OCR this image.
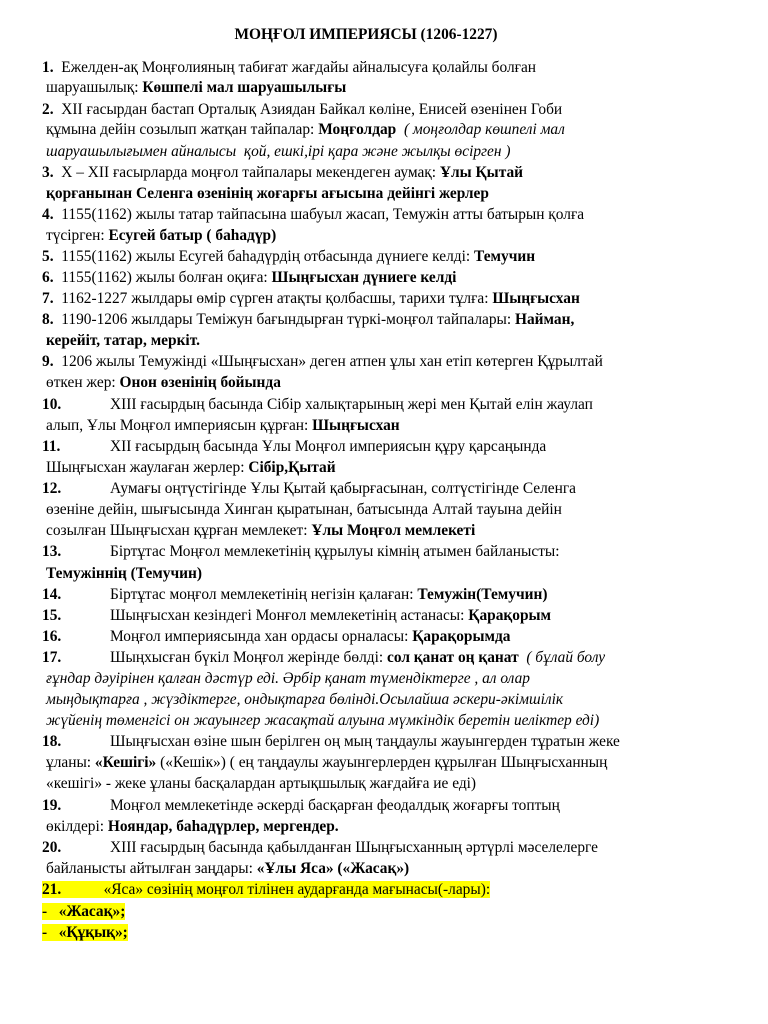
МОҢҒОЛ ИМПЕРИЯСЫ (1206-1227)
1.  Ежелден-ақ Моңғолияның табиғат жағдайы айналысуға қолайлы болған
шаруашылық: Көшпелі мал шаруашылығы
2.  XII ғасырдан бастап Орталық Азиядан Байкал көліне, Енисей өзенінен Гоби
құмына дейін созылып жатқан тайпалар: Моңғолдар  ( моңғолдар көшпелі мал
шаруашылығымен айналысы  қой, ешкі,ірі қара және жылқы өсірген )
3.  X – XII ғасырларда моңғол тайпалары мекендеген аумақ: Ұлы Қытай
қорғанынан Селенга өзенінің жоғарғы ағысына дейінгі жерлер
4.  1155(1162) жылы татар тайпасына шабуыл жасап, Темужін атты батырын қолға
түсірген: Есугей батыр ( баһадүр)
5. 1155(1162) жылы Есугей баһадүрдің отбасында дүниеге келді: Темучин
6. 1155(1162) жылы болған оқиға: Шыңғысхан дүниеге келді
7. 1162-1227 жылдары өмір сүрген атақты қолбасшы, тарихи тұлға: Шыңғысхан
8. 1190-1206 жылдары Теміжун бағындырған түркі-моңғол тайпалары: Найман,
керейіт, татар, меркіт.
9.  1206 жылы Темужінді «Шыңғысхан» деген атпен ұлы хан етіп көтерген Құрылтай
өткен жер: Онон өзенінің бойында
10.	XIII ғасырдың басында Сібір халықтарының жері мен Қытай елін жаулап
алып, Ұлы Моңғол империясын құрған: Шыңғысхан
11.	XII ғасырдың басында Ұлы Моңғол империясын құру қарсаңында
Шыңғысхан жаулаған жерлер: Сібір,Қытай
12.	Аумағы оңтүстігінде Ұлы Қытай қабырғасынан, солтүстігінде Селенга
өзеніне дейін, шығысында Хинган қыратынан, батысында Алтай тауына дейін
созылған Шыңғысхан құрған мемлекет: Ұлы Моңғол мемлекеті
13.	Біртұтас Моңғол мемлекетінің құрылуы кімнің атымен байланысты:
Темужіннің (Темучин)
14.	Біртұтас моңғол мемлекетінің негізін қалаған: Темужін(Темучин)
15.	Шыңғысхан кезіндегі Монғол мемлекетінің астанасы: Қарақорым
16.	Моңғол империясында хан ордасы орналасы: Қарақорымда
17.	Шыңхысған бүкіл Моңғол жерінде бөлді: сол қанат оң қанат  ( бұлай болу
ғұндар дәуірінен қалған дәстүр еді. Әрбір қанат түмендіктерге , ал олар
мыңдықтарға , жүздіктерге, ондықтарға бөлінді.Осылайша әскери-әкімшілік
жүйенің төменгісі он жауынгер жасақтай алуына мүмкіндік беретін иеліктер еді)
18.	Шыңғысхан өзіне шын берілген оң мың таңдаулы жауынгерден тұратын жеке
ұланы: «Кешігі» («Кешік») ( ең таңдаулы жауынгерлерден құрылған Шыңғысханның
«кешігі» - жеке ұланы басқалардан артықшылық жағдайға ие еді)
19.	Моңғол мемлекетінде әскерді басқарған феодалдық жоғарғы топтың
өкілдері: Нояндар, баһадүрлер, мергендер.
20.	XIII ғасырдың басында қабылданған Шыңғысханның әртүрлі мәселелерге
байланысты айтылған заңдары: «Ұлы Яса» («Жасақ»)
21.	«Яса» сөзінің моңғол тілінен аударғанда мағынасы(-лары):
- «Жасақ»;
- «Құқық»;
